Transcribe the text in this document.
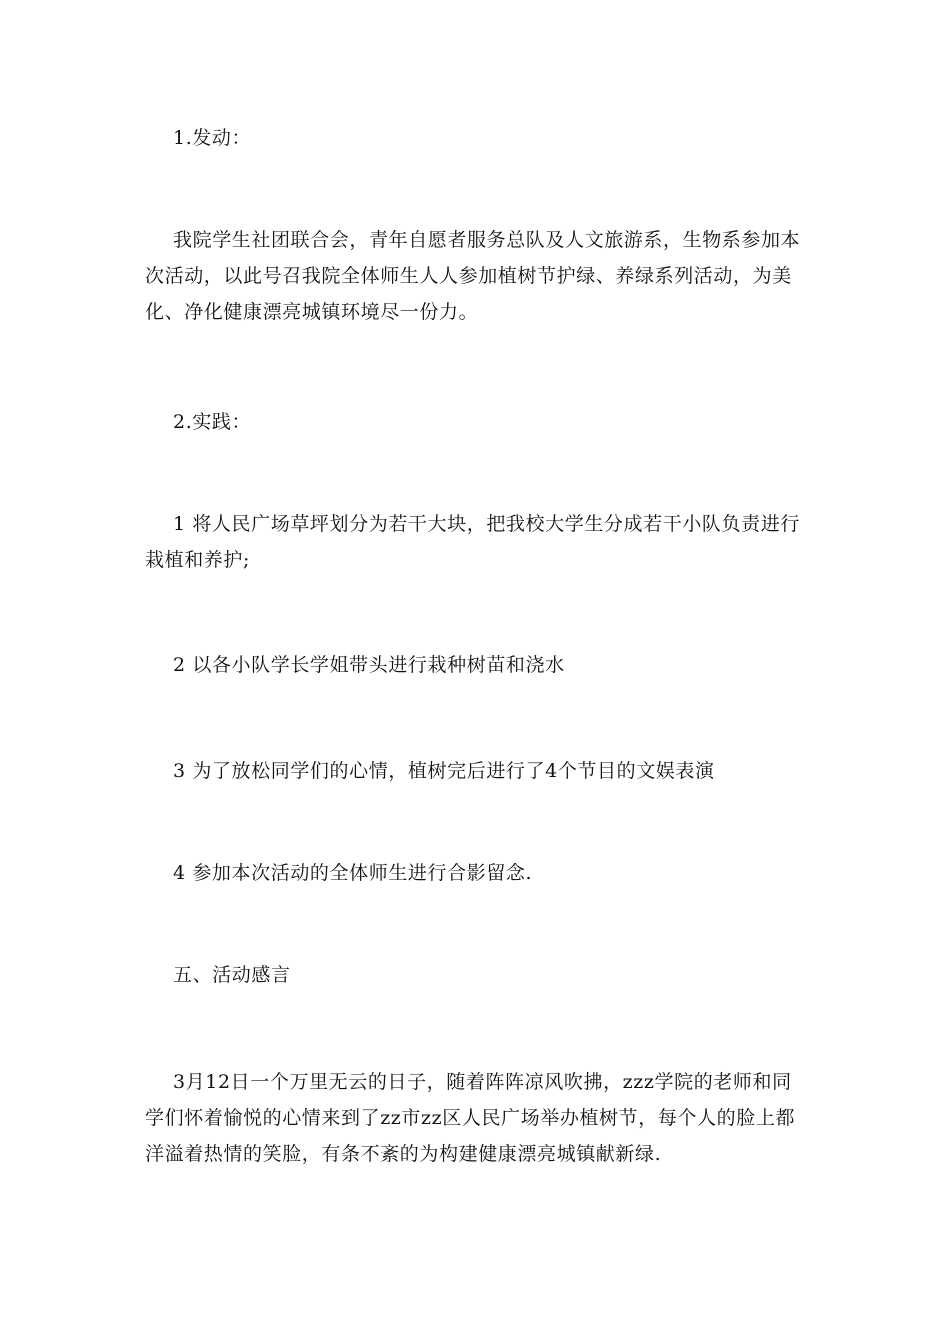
1.发动：

我院学生社团联合会，青年自愿者服务总队及人文旅游系，生物系参加本次活动，以此号召我院全体师生人人参加植树节护绿、养绿系列活动，为美化、净化健康漂亮城镇环境尽一份力。

2.实践：

1 将人民广场草坪划分为若干大块，把我校大学生分成若干小队负责进行栽植和养护;

2 以各小队学长学姐带头进行栽种树苗和浇水

3 为了放松同学们的心情，植树完后进行了4个节目的文娱表演

4 参加本次活动的全体师生进行合影留念.

五、活动感言

3月12日一个万里无云的日子，随着阵阵凉风吹拂，zzz学院的老师和同学们怀着愉悦的心情来到了zz市zz区人民广场举办植树节，每个人的脸上都洋溢着热情的笑脸，有条不紊的为构建健康漂亮城镇献新绿.
